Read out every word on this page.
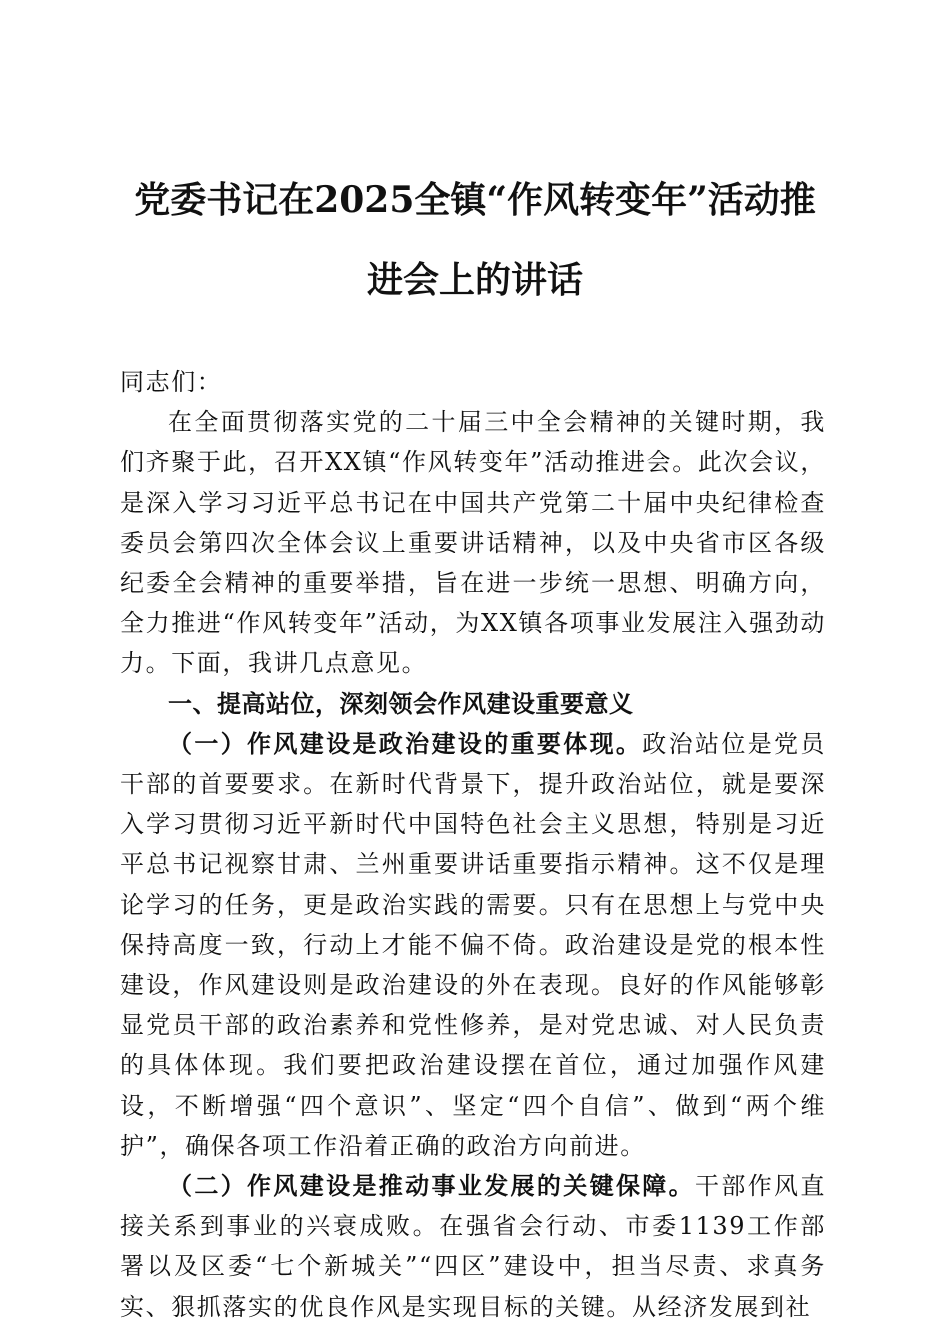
党委书记在2025全镇“作风转变年”活动推
进会上的讲话

同志们：

在全面贯彻落实党的二十届三中全会精神的关键时期，我们齐聚于此，召开XX镇“作风转变年”活动推进会。此次会议，是深入学习习近平总书记在中国共产党第二十届中央纪律检查委员会第四次全体会议上重要讲话精神，以及中央省市区各级纪委全会精神的重要举措，旨在进一步统一思想、明确方向，全力推进“作风转变年”活动，为XX镇各项事业发展注入强劲动力。下面，我讲几点意见。

一、提高站位，深刻领会作风建设重要意义

（一）作风建设是政治建设的重要体现。政治站位是党员干部的首要要求。在新时代背景下，提升政治站位，就是要深入学习贯彻习近平新时代中国特色社会主义思想，特别是习近平总书记视察甘肃、兰州重要讲话重要指示精神。这不仅是理论学习的任务，更是政治实践的需要。只有在思想上与党中央保持高度一致，行动上才能不偏不倚。政治建设是党的根本性建设，作风建设则是政治建设的外在表现。良好的作风能够彰显党员干部的政治素养和党性修养，是对党忠诚、对人民负责的具体体现。我们要把政治建设摆在首位，通过加强作风建设，不断增强“四个意识”、坚定“四个自信”、做到“两个维护”，确保各项工作沿着正确的政治方向前进。

（二）作风建设是推动事业发展的关键保障。干部作风直接关系到事业的兴衰成败。在强省会行动、市委1139工作部署以及区委“七个新城关”“四区”建设中，担当尽责、求真务实、狠抓落实的优良作风是实现目标的关键。从经济发展到社
